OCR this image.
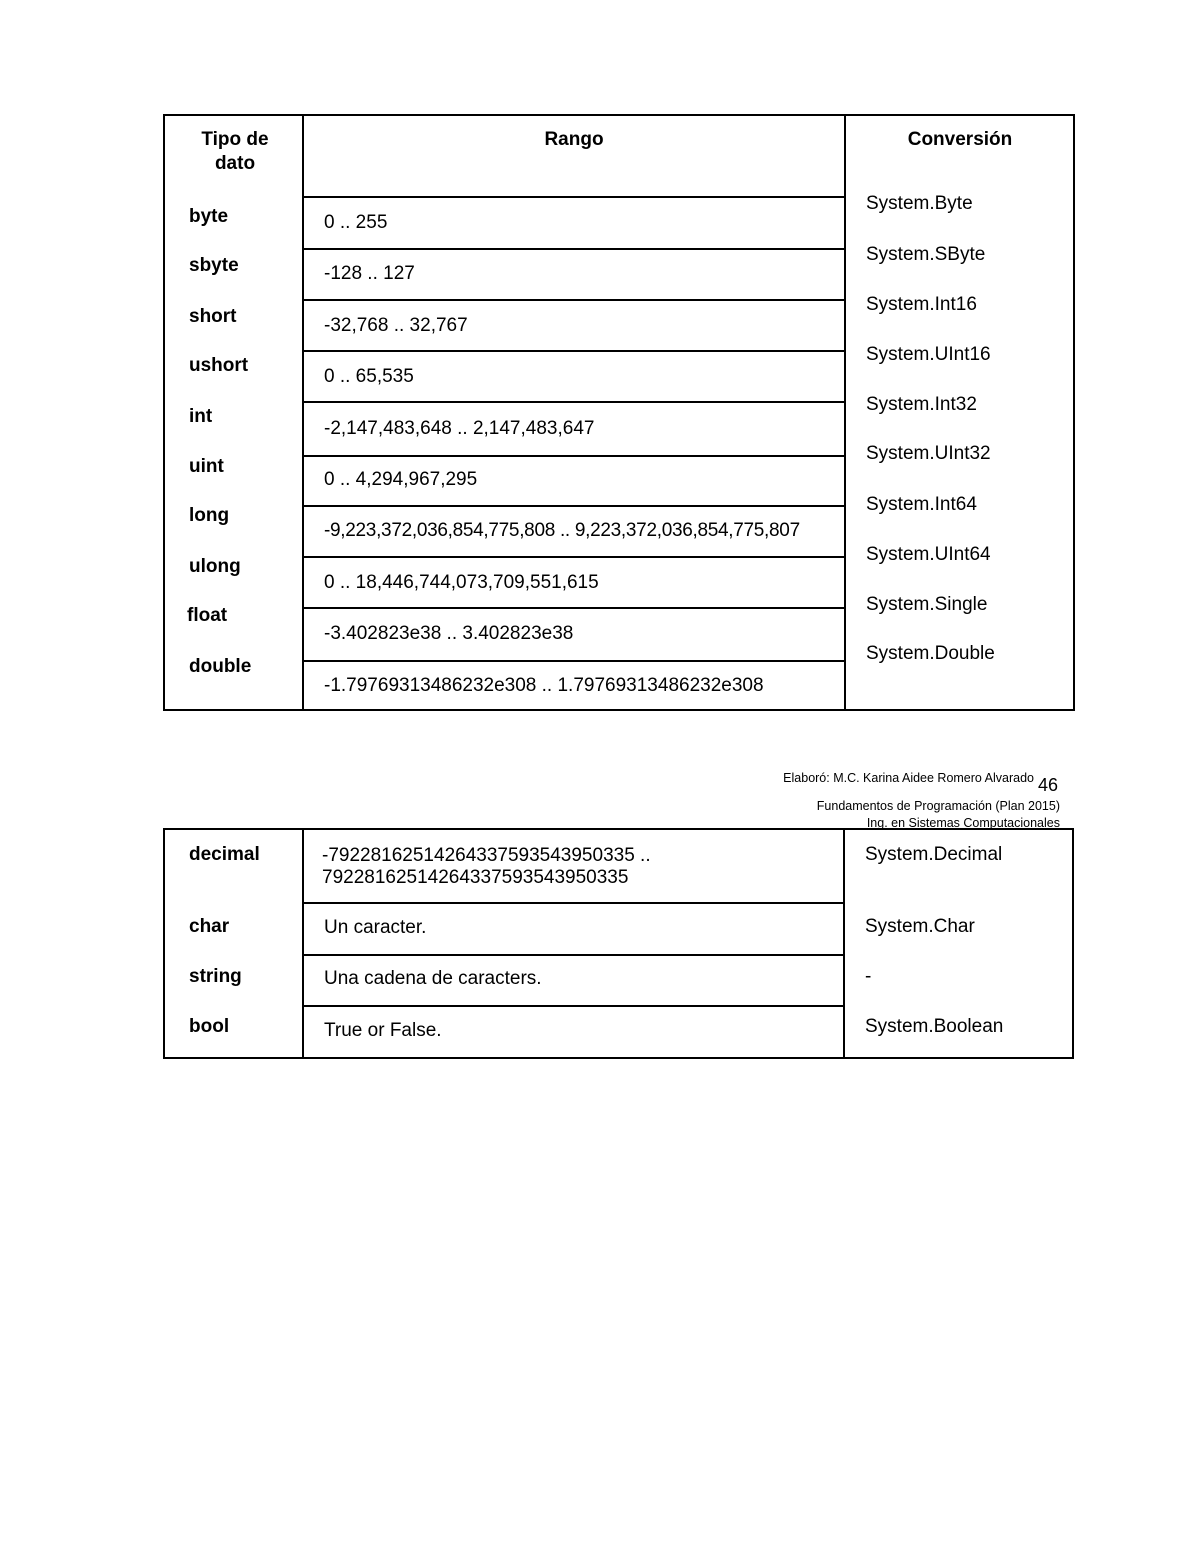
Tipo de dato
Rango	Conversión
byte
sbyte
short
ushort
int
uint
long
ulong
float
double
0 .. 255
-128 .. 127
-32,768 .. 32,767
0 .. 65,535
-2,147,483,648 .. 2,147,483,647
0 .. 4,294,967,295
-9,223,372,036,854,775,808 .. 9,223,372,036,854,775,807
0 .. 18,446,744,073,709,551,615
-3.402823e38 .. 3.402823e38
-1.79769313486232e308 .. 1.79769313486232e308
System.Byte
System.SByte
System.Int16
System.UInt16
System.Int32
System.UInt32
System.Int64
System.UInt64
System.Single
System.Double
Elaboró: M.C. Karina Aidee Romero Alvarado 46
Fundamentos de Programación (Plan 2015)
Ing. en Sistemas Computacionales
decimal
char
string
bool
-79228162514264337593543950335 ..
79228162514264337593543950335
Un caracter.
Una cadena de caracters.
True or False.
System.Decimal
System.Char
-
System.Boolean
